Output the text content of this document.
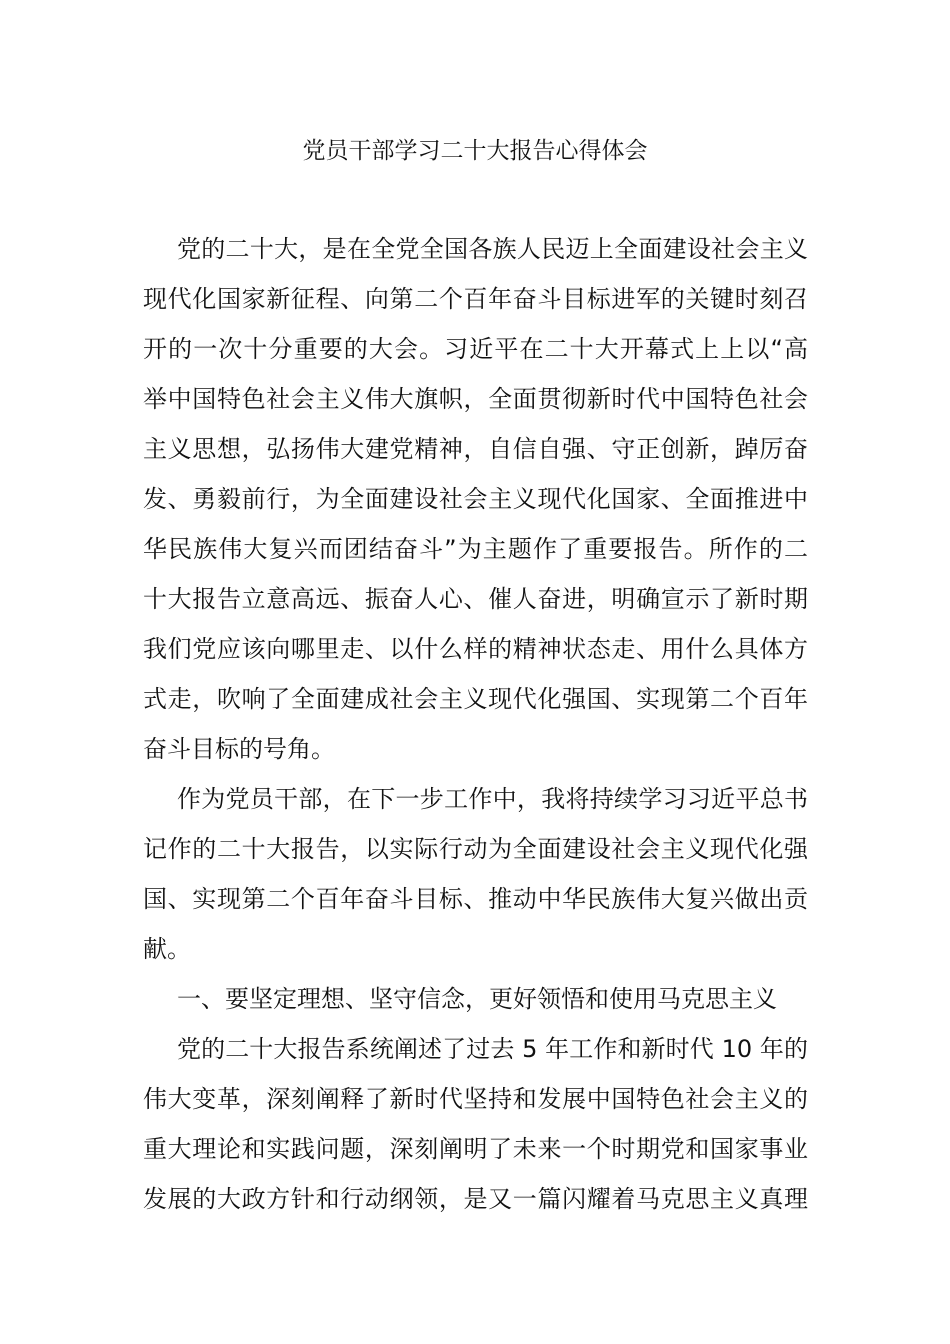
党员干部学习二十大报告心得体会
党的二十大，是在全党全国各族人民迈上全面建设社会主义
现代化国家新征程、向第二个百年奋斗目标进军的关键时刻召
开的一次十分重要的大会。习近平在二十大开幕式上上以“高
举中国特色社会主义伟大旗帜，全面贯彻新时代中国特色社会
主义思想，弘扬伟大建党精神，自信自强、守正创新，踔厉奋
发、勇毅前行，为全面建设社会主义现代化国家、全面推进中
华民族伟大复兴而团结奋斗”为主题作了重要报告。所作的二
十大报告立意高远、振奋人心、催人奋进，明确宣示了新时期
我们党应该向哪里走、以什么样的精神状态走、用什么具体方
式走，吹响了全面建成社会主义现代化强国、实现第二个百年
奋斗目标的号角。
作为党员干部，在下一步工作中，我将持续学习习近平总书
记作的二十大报告，以实际行动为全面建设社会主义现代化强
国、实现第二个百年奋斗目标、推动中华民族伟大复兴做出贡
献。
一、要坚定理想、坚守信念，更好领悟和使用马克思主义
党的二十大报告系统阐述了过去 5 年工作和新时代 10 年的
伟大变革，深刻阐释了新时代坚持和发展中国特色社会主义的
重大理论和实践问题，深刻阐明了未来一个时期党和国家事业
发展的大政方针和行动纲领，是又一篇闪耀着马克思主义真理
